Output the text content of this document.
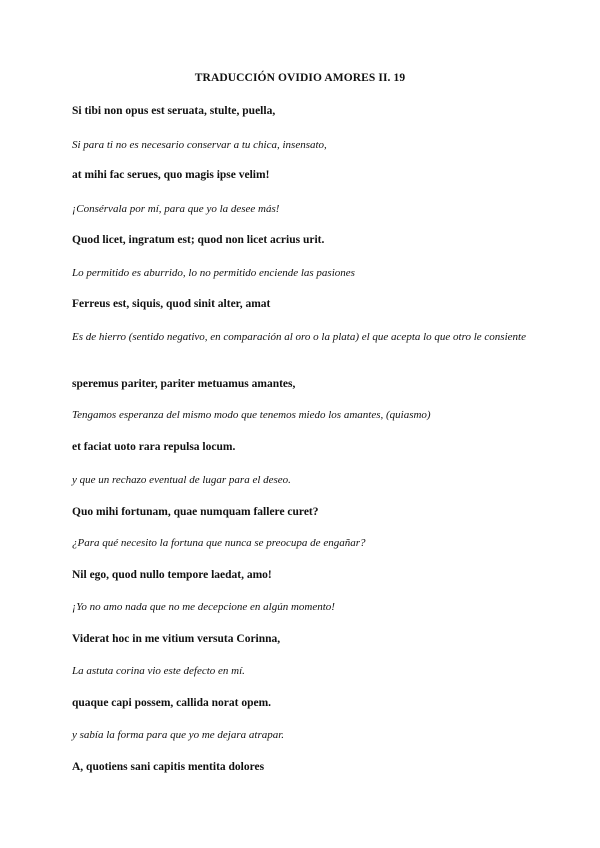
TRADUCCIÓN OVIDIO AMORES II. 19
Si tibi non opus est seruata, stulte, puella,
Si para ti no es necesario conservar a tu chica, insensato,
at mihi fac serues, quo magis ipse velim!
¡Consérvala por mí, para que yo la desee más!
Quod licet, ingratum est; quod non licet acrius urit.
Lo permitido es aburrido, lo no permitido enciende las pasiones
Ferreus est, siquis, quod sinit alter, amat
Es de hierro (sentido negativo, en comparación al oro o la plata) el que acepta lo que otro le consiente
speremus pariter, pariter metuamus amantes,
Tengamos esperanza del mismo modo que tenemos miedo los amantes, (quiasmo)
et faciat uoto rara repulsa locum.
y que un rechazo eventual de lugar para el deseo.
Quo mihi fortunam, quae numquam fallere curet?
¿Para qué necesito la fortuna que nunca se preocupa de engañar?
Nil ego, quod nullo tempore laedat, amo!
¡Yo no amo nada que no me decepcione en algún momento!
Viderat hoc in me vitium versuta Corinna,
La astuta corina vio este defecto en mí.
quaque capi possem, callida norat opem.
y sabía la forma para que yo me dejara atrapar.
A, quotiens sani capitis mentita dolores
